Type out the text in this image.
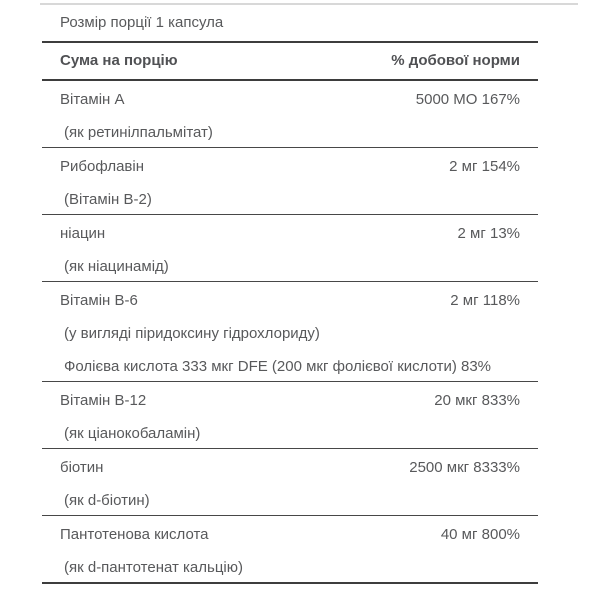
Розмір порції 1 капсула
Сума на порцію	% добової норми
Вітамін А	5000 МО 167%
(як ретинілпальмітат)
Рибофлавін	2 мг 154%
(Вітамін B-2)
ніацин	2 мг 13%
(як ніацинамід)
Вітамін B-6	2 мг 118%
(у вигляді піридоксину гідрохлориду)
Фолієва кислота 333 мкг DFE (200 мкг фолієвої кислоти) 83%
Вітамін B-12	20 мкг 833%
(як ціанокобаламін)
біотин	2500 мкг 8333%
(як d-біотин)
Пантотенова кислота	40 мг 800%
(як d-пантотенат кальцію)
